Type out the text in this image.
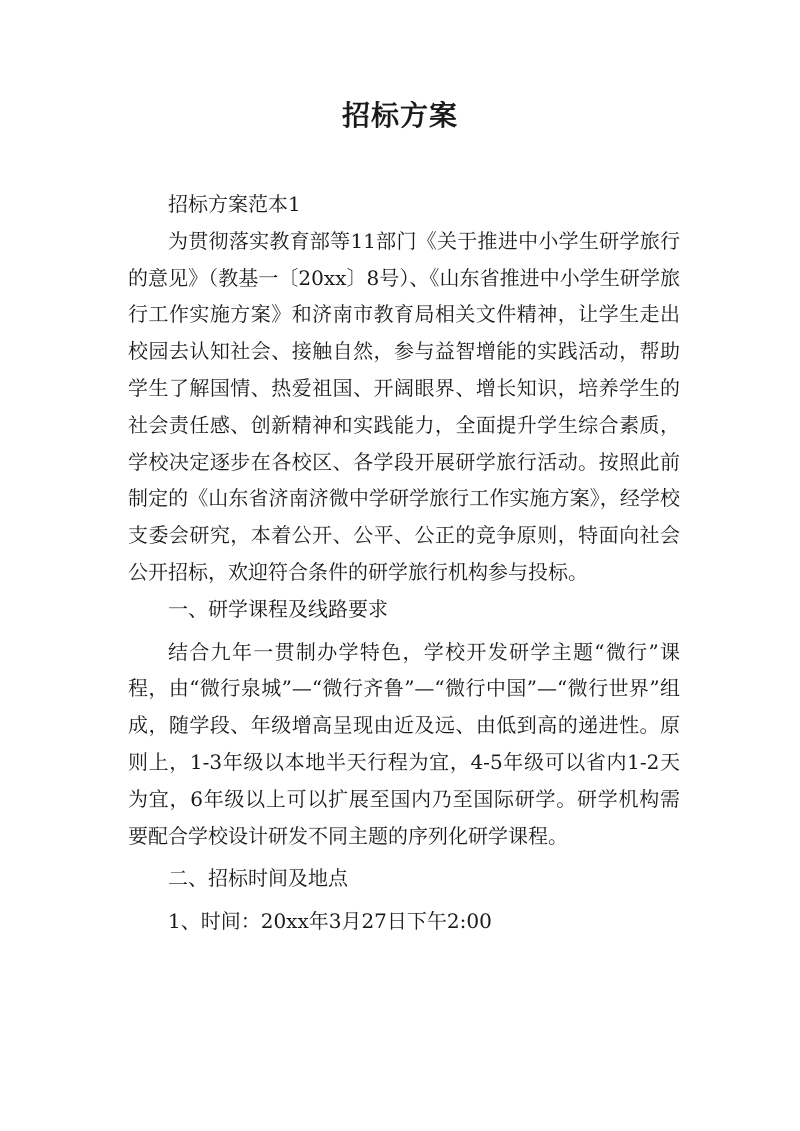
招标方案

招标方案范本1

为贯彻落实教育部等11部门《关于推进中小学生研学旅行的意见》（教基一〔20xx〕8号）、《山东省推进中小学生研学旅行工作实施方案》和济南市教育局相关文件精神，让学生走出校园去认知社会、接触自然，参与益智增能的实践活动，帮助学生了解国情、热爱祖国、开阔眼界、增长知识，培养学生的社会责任感、创新精神和实践能力，全面提升学生综合素质，学校决定逐步在各校区、各学段开展研学旅行活动。按照此前制定的《山东省济南济微中学研学旅行工作实施方案》，经学校支委会研究，本着公开、公平、公正的竞争原则，特面向社会公开招标，欢迎符合条件的研学旅行机构参与投标。

一、研学课程及线路要求

结合九年一贯制办学特色，学校开发研学主题“微行”课程，由“微行泉城”—“微行齐鲁”—“微行中国”—“微行世界”组成，随学段、年级增高呈现由近及远、由低到高的递进性。原则上，1-3年级以本地半天行程为宜，4-5年级可以省内1-2天为宜，6年级以上可以扩展至国内乃至国际研学。研学机构需要配合学校设计研发不同主题的序列化研学课程。

二、招标时间及地点

1、时间：20xx年3月27日下午2:00
